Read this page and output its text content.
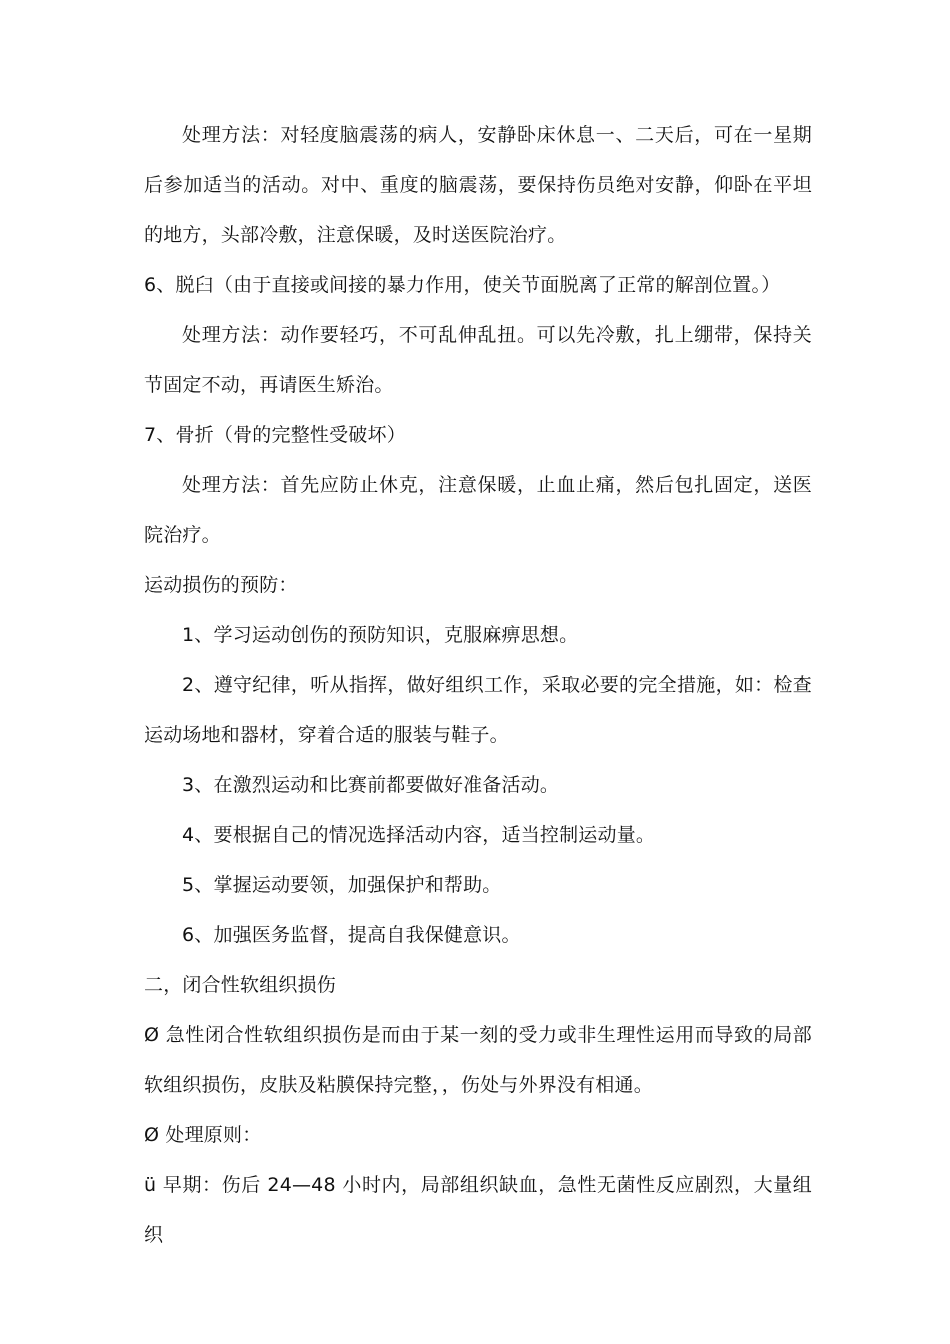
处理方法：对轻度脑震荡的病人，安静卧床休息一、二天后，可在一星期后参加适当的活动。对中、重度的脑震荡，要保持伤员绝对安静，仰卧在平坦的地方，头部冷敷，注意保暖，及时送医院治疗。

6、脱臼（由于直接或间接的暴力作用，使关节面脱离了正常的解剖位置。）

处理方法：动作要轻巧，不可乱伸乱扭。可以先冷敷，扎上绷带，保持关节固定不动，再请医生矫治。

7、骨折（骨的完整性受破坏）

处理方法：首先应防止休克，注意保暖，止血止痛，然后包扎固定，送医院治疗。

运动损伤的预防：

1、学习运动创伤的预防知识，克服麻痹思想。

2、遵守纪律，听从指挥，做好组织工作，采取必要的完全措施，如：检查运动场地和器材，穿着合适的服装与鞋子。

3、在激烈运动和比赛前都要做好准备活动。

4、要根据自己的情况选择活动内容，适当控制运动量。

5、掌握运动要领，加强保护和帮助。

6、加强医务监督，提高自我保健意识。

二，闭合性软组织损伤

Ø 急性闭合性软组织损伤是而由于某一刻的受力或非生理性运用而导致的局部软组织损伤，皮肤及粘膜保持完整，，伤处与外界没有相通。

Ø 处理原则：

ü 早期：伤后 24—48 小时内，局部组织缺血，急性无菌性反应剧烈，大量组织
